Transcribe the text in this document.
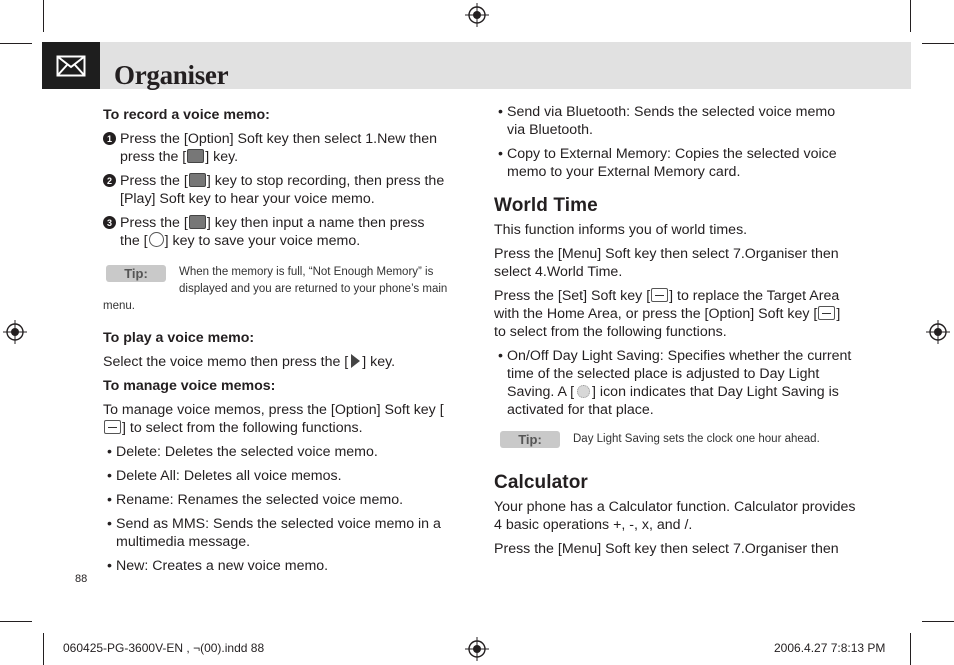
Organiser
To record a voice memo:
1 Press the [Option] Soft key then select 1.New then press the [ ] key.
2 Press the [ ] key to stop recording, then press the [Play] Soft key to hear your voice memo.
3 Press the [ ] key then input a name then press the [ ] key to save your voice memo.
Tip:	When the memory is full, “Not Enough Memory” is displayed and you are returned to your phone’s main menu.
To play a voice memo:
Select the voice memo then press the [ ] key.
To manage voice memos:
To manage voice memos, press the [Option] Soft key [] to select from the following functions.
• Delete: Deletes the selected voice memo.
• Delete All: Deletes all voice memos.
• Rename: Renames the selected voice memo.
• Send as MMS: Sends the selected voice memo in a multimedia message.
• New: Creates a new voice memo.
• Send via Bluetooth: Sends the selected voice memo via Bluetooth.
• Copy to External Memory: Copies the selected voice memo to your External Memory card.
World Time
This function informs you of world times.
Press the [Menu] Soft key then select 7.Organiser then select 4.World Time.
Press the [Set] Soft key [ ] to replace the Target Area with the Home Area, or press the [Option] Soft key [ ] to select from the following functions.
• On/Off Day Light Saving: Specifies whether the current time of the selected place is adjusted to Day Light Saving. A [ ] icon indicates that Day Light Saving is activated for that place.
Tip:	Day Light Saving sets the clock one hour ahead.
Calculator
Your phone has a Calculator function. Calculator provides 4 basic operations +, -, x, and /.
Press the [Menu] Soft key then select 7.Organiser then
88
060425-PG-3600V-EN , ¬(00).indd 88	2006.4.27 7:8:13 PM
